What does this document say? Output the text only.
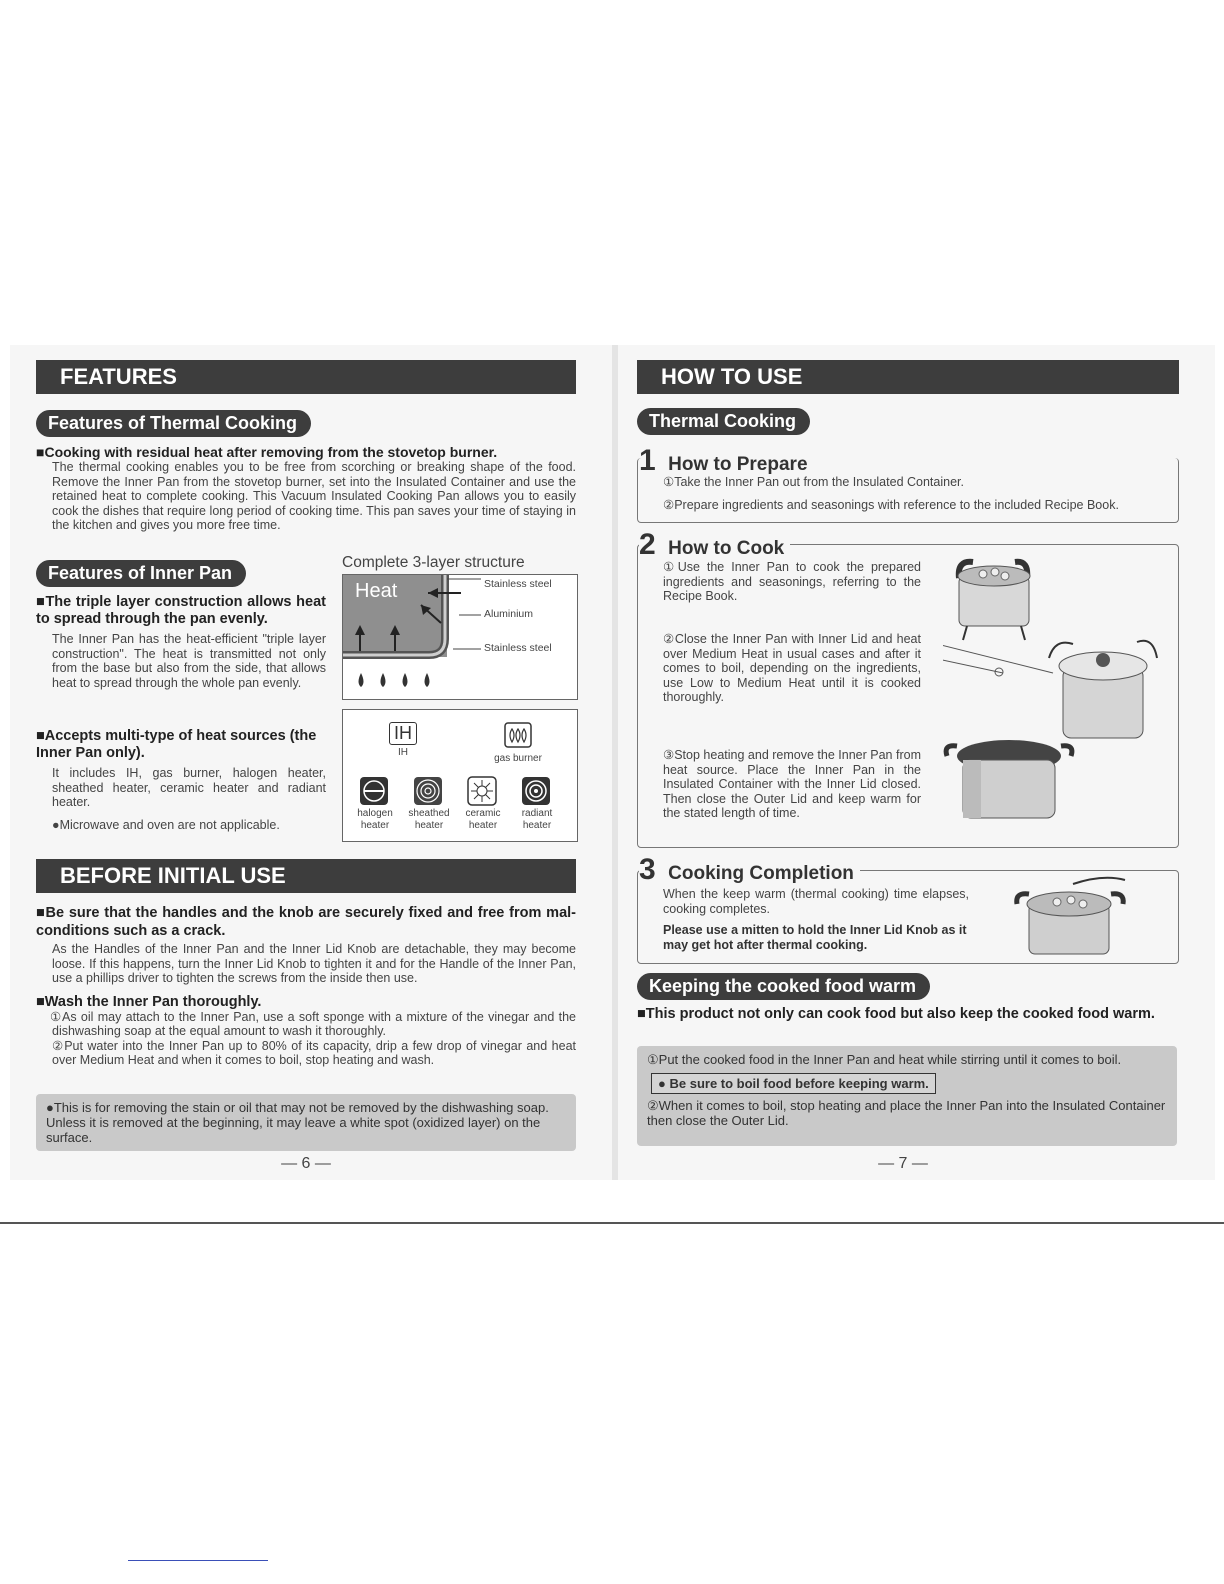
FEATURES
Features of Thermal Cooking

■Cooking with residual heat after removing from the stovetop burner.

The thermal cooking enables you to be free from scorching or breaking shape of the food. Remove the Inner Pan from the stovetop burner, set into the Insulated Container and use the retained heat to complete cooking. This Vacuum Insulated Cooking Pan allows you to easily cook the dishes that require long period of cooking time. This pan saves your time of staying in the kitchen and gives you more free time.

Features of Inner Pan

■The triple layer construction allows heat to spread through the pan evenly.

The Inner Pan has the heat-efficient "triple layer construction". The heat is transmitted not only from the base but also from the side, that allows heat to spread through the whole pan evenly.

■Accepts multi-type of heat sources (the Inner Pan only).

It includes IH, gas burner, halogen heater, sheathed heater, ceramic heater and radiant heater.

●Microwave and oven are not applicable.

Complete 3-layer structure
Heat	Stainless steel
Aluminium
Stainless steel
IH
IH
gas burner
halogen heater
sheathed heater
ceramic heater
radiant heater
BEFORE INITIAL USE

■Be sure that the handles and the knob are securely fixed and free from mal-conditions such as a crack.

As the Handles of the Inner Pan and the Inner Lid Knob are detachable, they may become loose. If this happens, turn the Inner Lid Knob to tighten it and for the Handle of the Inner Pan, use a phillips driver to tighten the screws from the inside then use.

■Wash the Inner Pan thoroughly.

①As oil may attach to the Inner Pan, use a soft sponge with a mixture of the vinegar and the dishwashing soap at the equal amount to wash it thoroughly.

②Put water into the Inner Pan up to 80% of its capacity, drip a few drop of vinegar and heat over Medium Heat and when it comes to boil, stop heating and wash.

●This is for removing the stain or oil that may not be removed by the dishwashing soap. Unless it is removed at the beginning, it may leave a white spot (oxidized layer) on the surface.
— 6 —
HOW TO USE
Thermal Cooking
1 How to Prepare
①Take the Inner Pan out from the Insulated Container.
②Prepare ingredients and seasonings with reference to the included Recipe Book.
2 How to Cook
①Use the Inner Pan to cook the prepared ingredients and seasonings, referring to the Recipe Book.
②Close the Inner Pan with Inner Lid and heat over Medium Heat in usual cases and after it comes to boil, depending on the ingredients, use Low to Medium Heat until it is cooked thoroughly.
③Stop heating and remove the Inner Pan from heat source. Place the Inner Pan in the Insulated Container with the Inner Lid closed. Then close the Outer Lid and keep warm for the stated length of time.
3 Cooking Completion
When the keep warm (thermal cooking) time elapses, cooking completes.
Please use a mitten to hold the Inner Lid Knob as it may get hot after thermal cooking.
Keeping the cooked food warm

■This product not only can cook food but also keep the cooked food warm.

①Put the cooked food in the Inner Pan and heat while stirring until it comes to boil.
● Be sure to boil food before keeping warm.
②When it comes to boil, stop heating and place the Inner Pan into the Insulated Container then close the Outer Lid.
— 7 —
